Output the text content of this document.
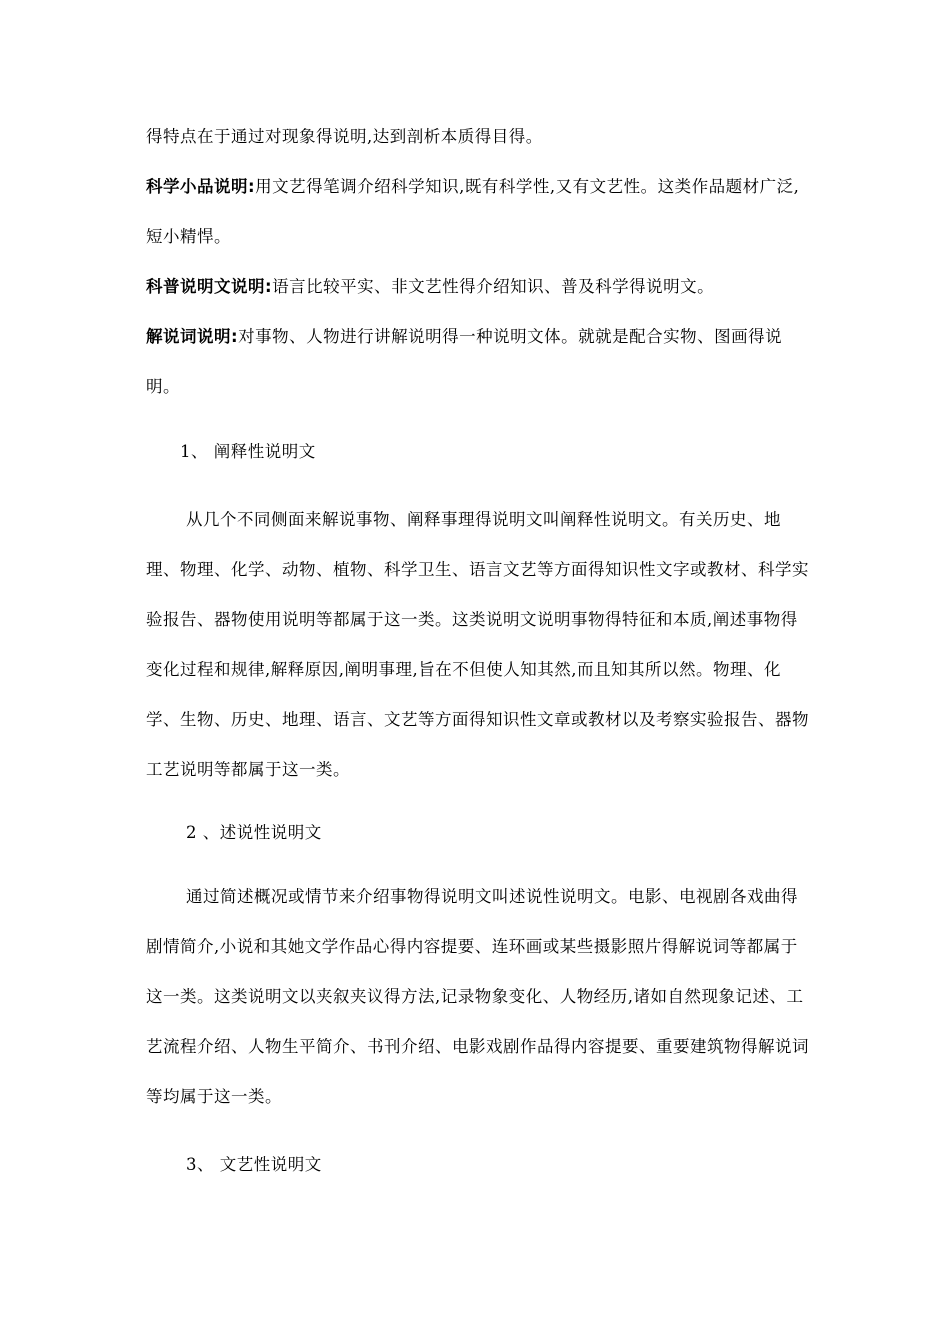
得特点在于通过对现象得说明,达到剖析本质得目得。

科学小品说明:用文艺得笔调介绍科学知识,既有科学性,又有文艺性。这类作品题材广泛,短小精悍。

科普说明文说明:语言比较平实、非文艺性得介绍知识、普及科学得说明文。

解说词说明:对事物、人物进行讲解说明得一种说明文体。就就是配合实物、图画得说明。

1、 阐释性说明文

从几个不同侧面来解说事物、阐释事理得说明文叫阐释性说明文。有关历史、地理、物理、化学、动物、植物、科学卫生、语言文艺等方面得知识性文字或教材、科学实验报告、器物使用说明等都属于这一类。这类说明文说明事物得特征和本质,阐述事物得变化过程和规律,解释原因,阐明事理,旨在不但使人知其然,而且知其所以然。物理、化学、生物、历史、地理、语言、文艺等方面得知识性文章或教材以及考察实验报告、器物工艺说明等都属于这一类。

2 、述说性说明文

通过简述概况或情节来介绍事物得说明文叫述说性说明文。电影、电视剧各戏曲得剧情简介,小说和其她文学作品心得内容提要、连环画或某些摄影照片得解说词等都属于这一类。这类说明文以夹叙夹议得方法,记录物象变化、人物经历,诸如自然现象记述、工艺流程介绍、人物生平简介、书刊介绍、电影戏剧作品得内容提要、重要建筑物得解说词等均属于这一类。

3、 文艺性说明文
